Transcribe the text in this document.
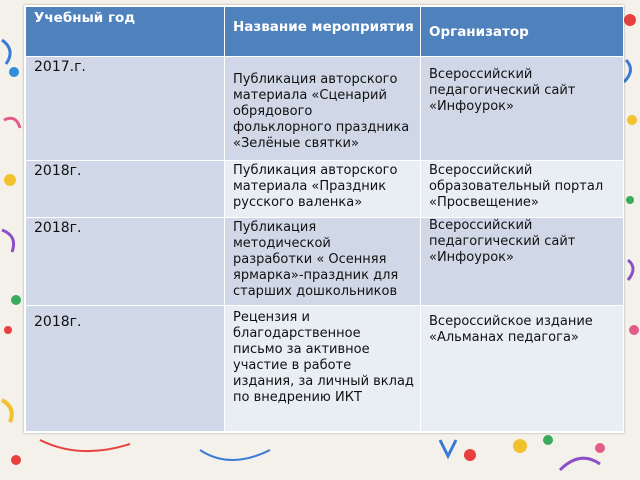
Учебный год	Название мероприятия	Организатор
2017.г.	Публикация авторского материала «Сценарий обрядового фольклорного праздника «Зелёные святки»	Всероссийский педагогический сайт «Инфоурок»
2018г.	Публикация авторского материала «Праздник русского валенка»	Всероссийский образовательный портал «Просвещение»
2018г.	Публикация методической разработки « Осенняя ярмарка»-праздник для старших дошкольников	Всероссийский педагогический сайт «Инфоурок»
2018г.	Рецензия и благодарственное письмо за активное участие в работе издания, за личный вклад по внедрению ИКТ	Всероссийское издание «Альманах педагога»
